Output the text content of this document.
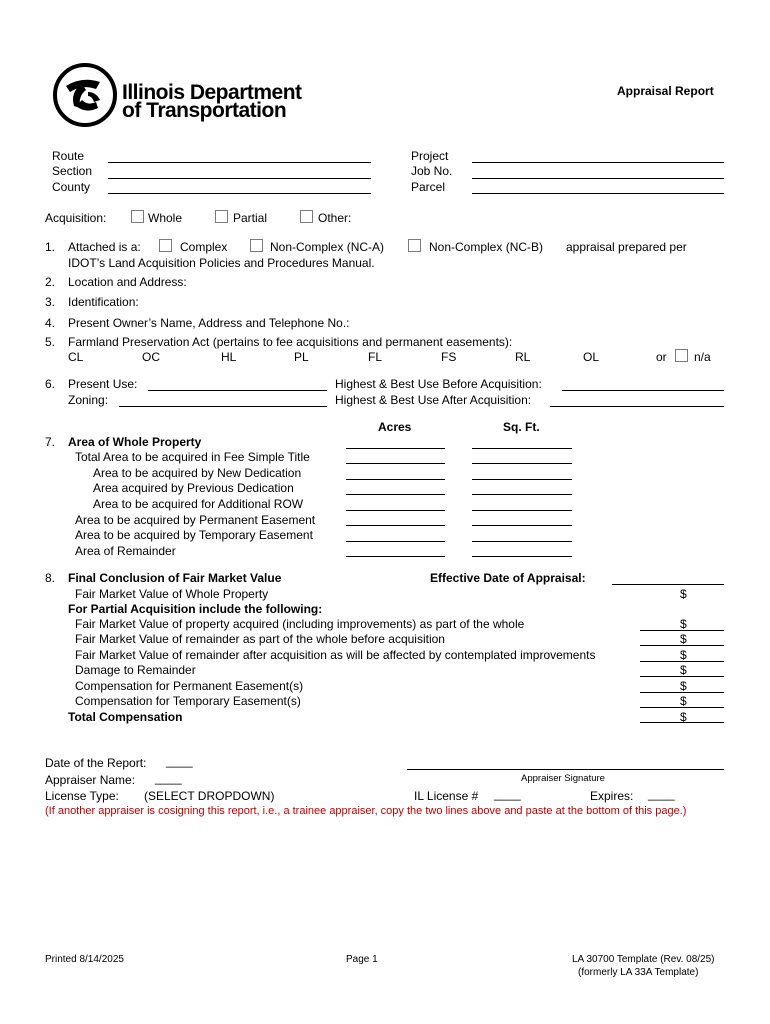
Illinois Department
of Transportation
Appraisal Report
Route
Section
County
Project
Job No.
Parcel
Acquisition:	Whole	Partial	Other:
1. Attached is a:	Complex	Non-Complex (NC-A)	Non-Complex (NC-B) appraisal prepared per
IDOT’s Land Acquisition Policies and Procedures Manual.
2. Location and Address:
3. Identification:
4. Present Owner’s Name, Address and Telephone No.:
5. Farmland Preservation Act (pertains to fee acquisitions and permanent easements):
CL	OC	HL	PL	FL	FS	RL	OL	or n/a
6. Present Use:
Zoning:
Highest & Best Use Before Acquisition:
Highest & Best Use After Acquisition:
Acres	Sq. Ft.
7. Area of Whole Property
Total Area to be acquired in Fee Simple Title
Area to be acquired by New Dedication
Area acquired by Previous Dedication
Area to be acquired for Additional ROW
Area to be acquired by Permanent Easement
Area to be acquired by Temporary Easement
Area of Remainder
8. Final Conclusion of Fair Market Value	Effective Date of Appraisal:
Fair Market Value of Whole Property	$
For Partial Acquisition include the following:
Fair Market Value of property acquired (including improvements) as part of the whole	$
Fair Market Value of remainder as part of the whole before acquisition	$
Fair Market Value of remainder after acquisition as will be affected by contemplated improvements	$
Damage to Remainder	$
Compensation for Permanent Easement(s)	$
Compensation for Temporary Easement(s)	$
Total Compensation	$
Date of the Report: ____
Appraiser Signature
Appraiser Name: ____
License Type: (SELECT DROPDOWN)	IL License # ____	Expires: ____
(If another appraiser is cosigning this report, i.e., a trainee appraiser, copy the two lines above and paste at the bottom of this page.)
Printed 8/14/2025	Page 1	LA 30700 Template (Rev. 08/25)
(formerly LA 33A Template)
